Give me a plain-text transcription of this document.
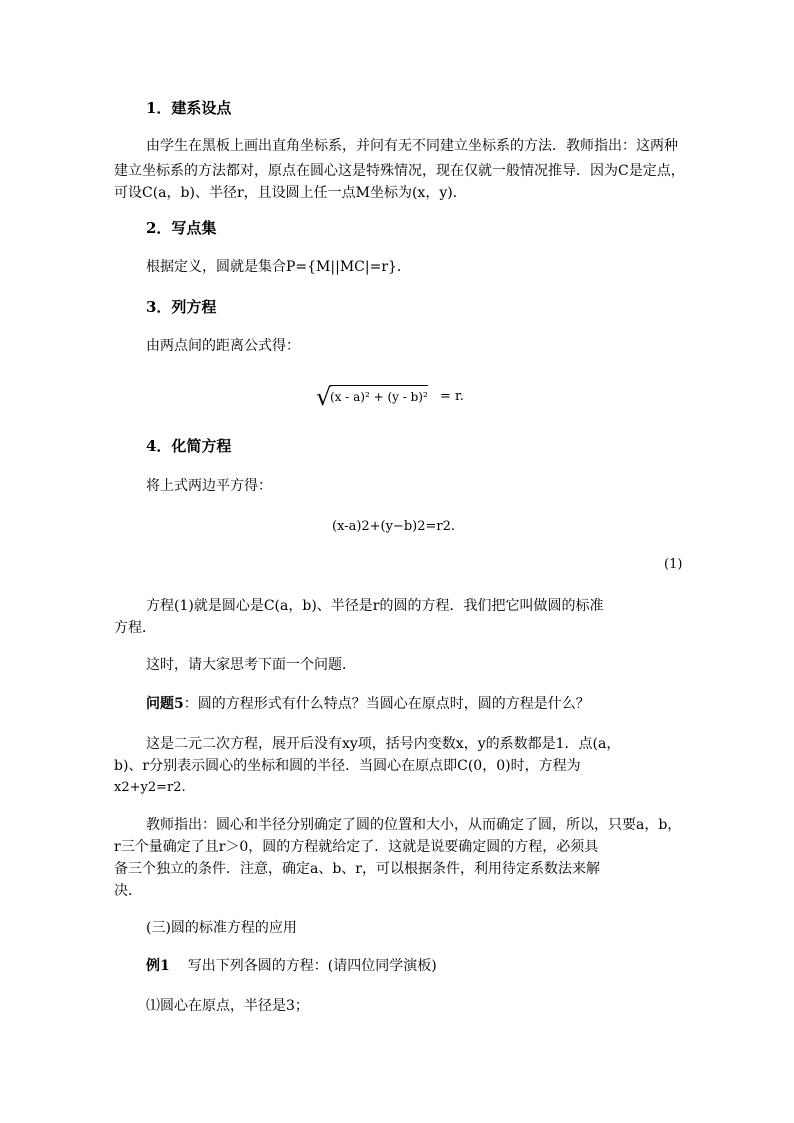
1．建系设点
由学生在黑板上画出直角坐标系，并问有无不同建立坐标系的方法．教师指出：这两种
建立坐标系的方法都对，原点在圆心这是特殊情况，现在仅就一般情况推导．因为C是定点，
可设C(a，b)、半径r，且设圆上任一点M坐标为(x，y)．
2．写点集
根据定义，圆就是集合P={M||MC|=r}．
3．列方程
由两点间的距离公式得：
√
(x - a)² + (y - b)² = r.
4．化简方程
将上式两边平方得：
(x-a)2+(y−b)2=r2.
(1)
方程(1)就是圆心是C(a，b)、半径是r的圆的方程．我们把它叫做圆的标准
方程．
这时，请大家思考下面一个问题．
问题5：圆的方程形式有什么特点？当圆心在原点时，圆的方程是什么？
这是二元二次方程，展开后没有xy项，括号内变数x，y的系数都是1．点(a，
b)、r分别表示圆心的坐标和圆的半径．当圆心在原点即C(0，0)时，方程为
x2+y2=r2.
教师指出：圆心和半径分别确定了圆的位置和大小，从而确定了圆，所以，只要a，b，
r三个量确定了且r＞0，圆的方程就给定了．这就是说要确定圆的方程，必须具
备三个独立的条件．注意，确定a、b、r，可以根据条件，利用待定系数法来解
决．
(三)圆的标准方程的应用
例1 写出下列各圆的方程：(请四位同学演板)
⑴圆心在原点，半径是3；
